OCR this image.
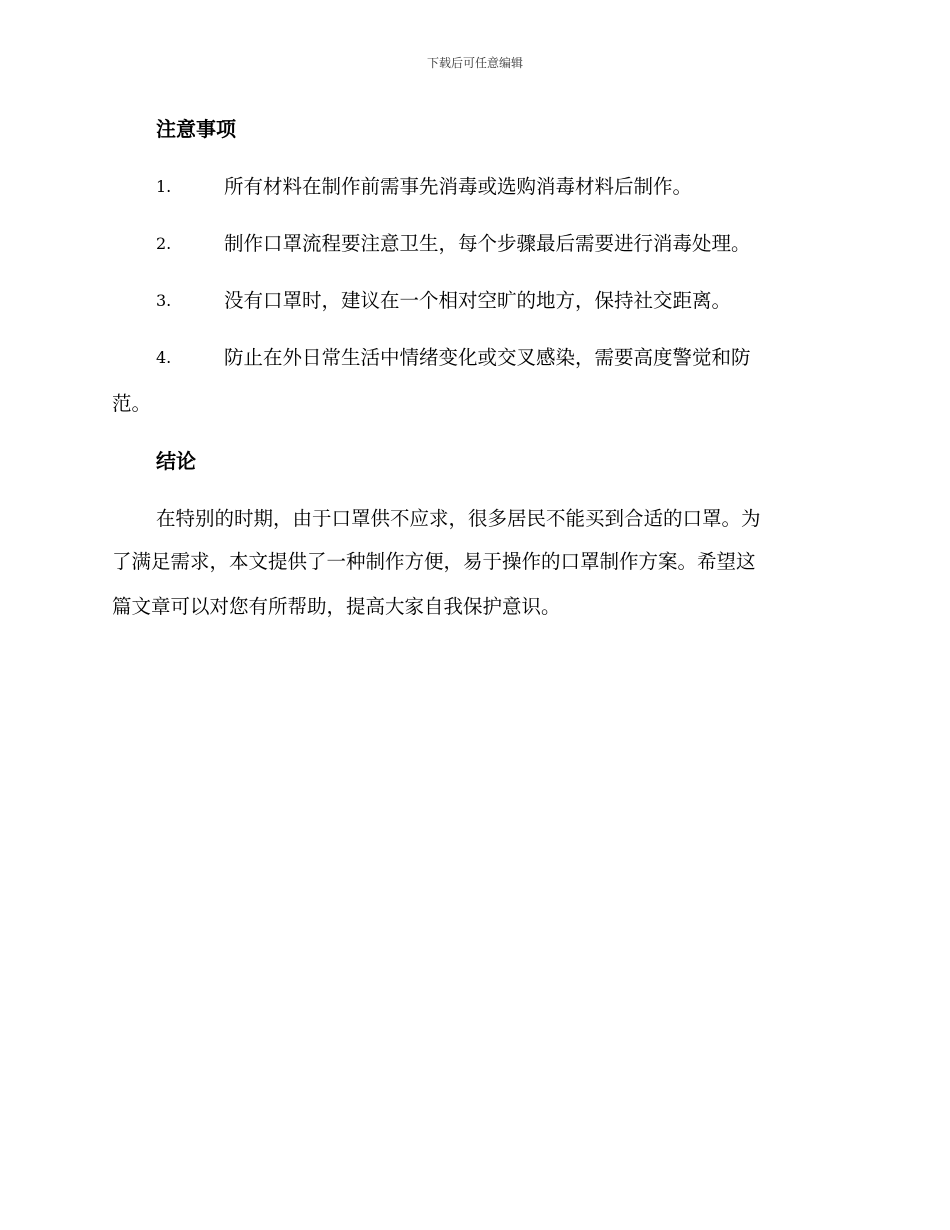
下载后可任意编辑
注意事项
1.	所有材料在制作前需事先消毒或选购消毒材料后制作。
2.	制作口罩流程要注意卫生，每个步骤最后需要进行消毒处理。
3.	没有口罩时，建议在一个相对空旷的地方，保持社交距离。
4.	防止在外日常生活中情绪变化或交叉感染，需要高度警觉和防
范。
结论
在特别的时期，由于口罩供不应求，很多居民不能买到合适的口罩。为
了满足需求，本文提供了一种制作方便，易于操作的口罩制作方案。希望这
篇文章可以对您有所帮助，提高大家自我保护意识。
